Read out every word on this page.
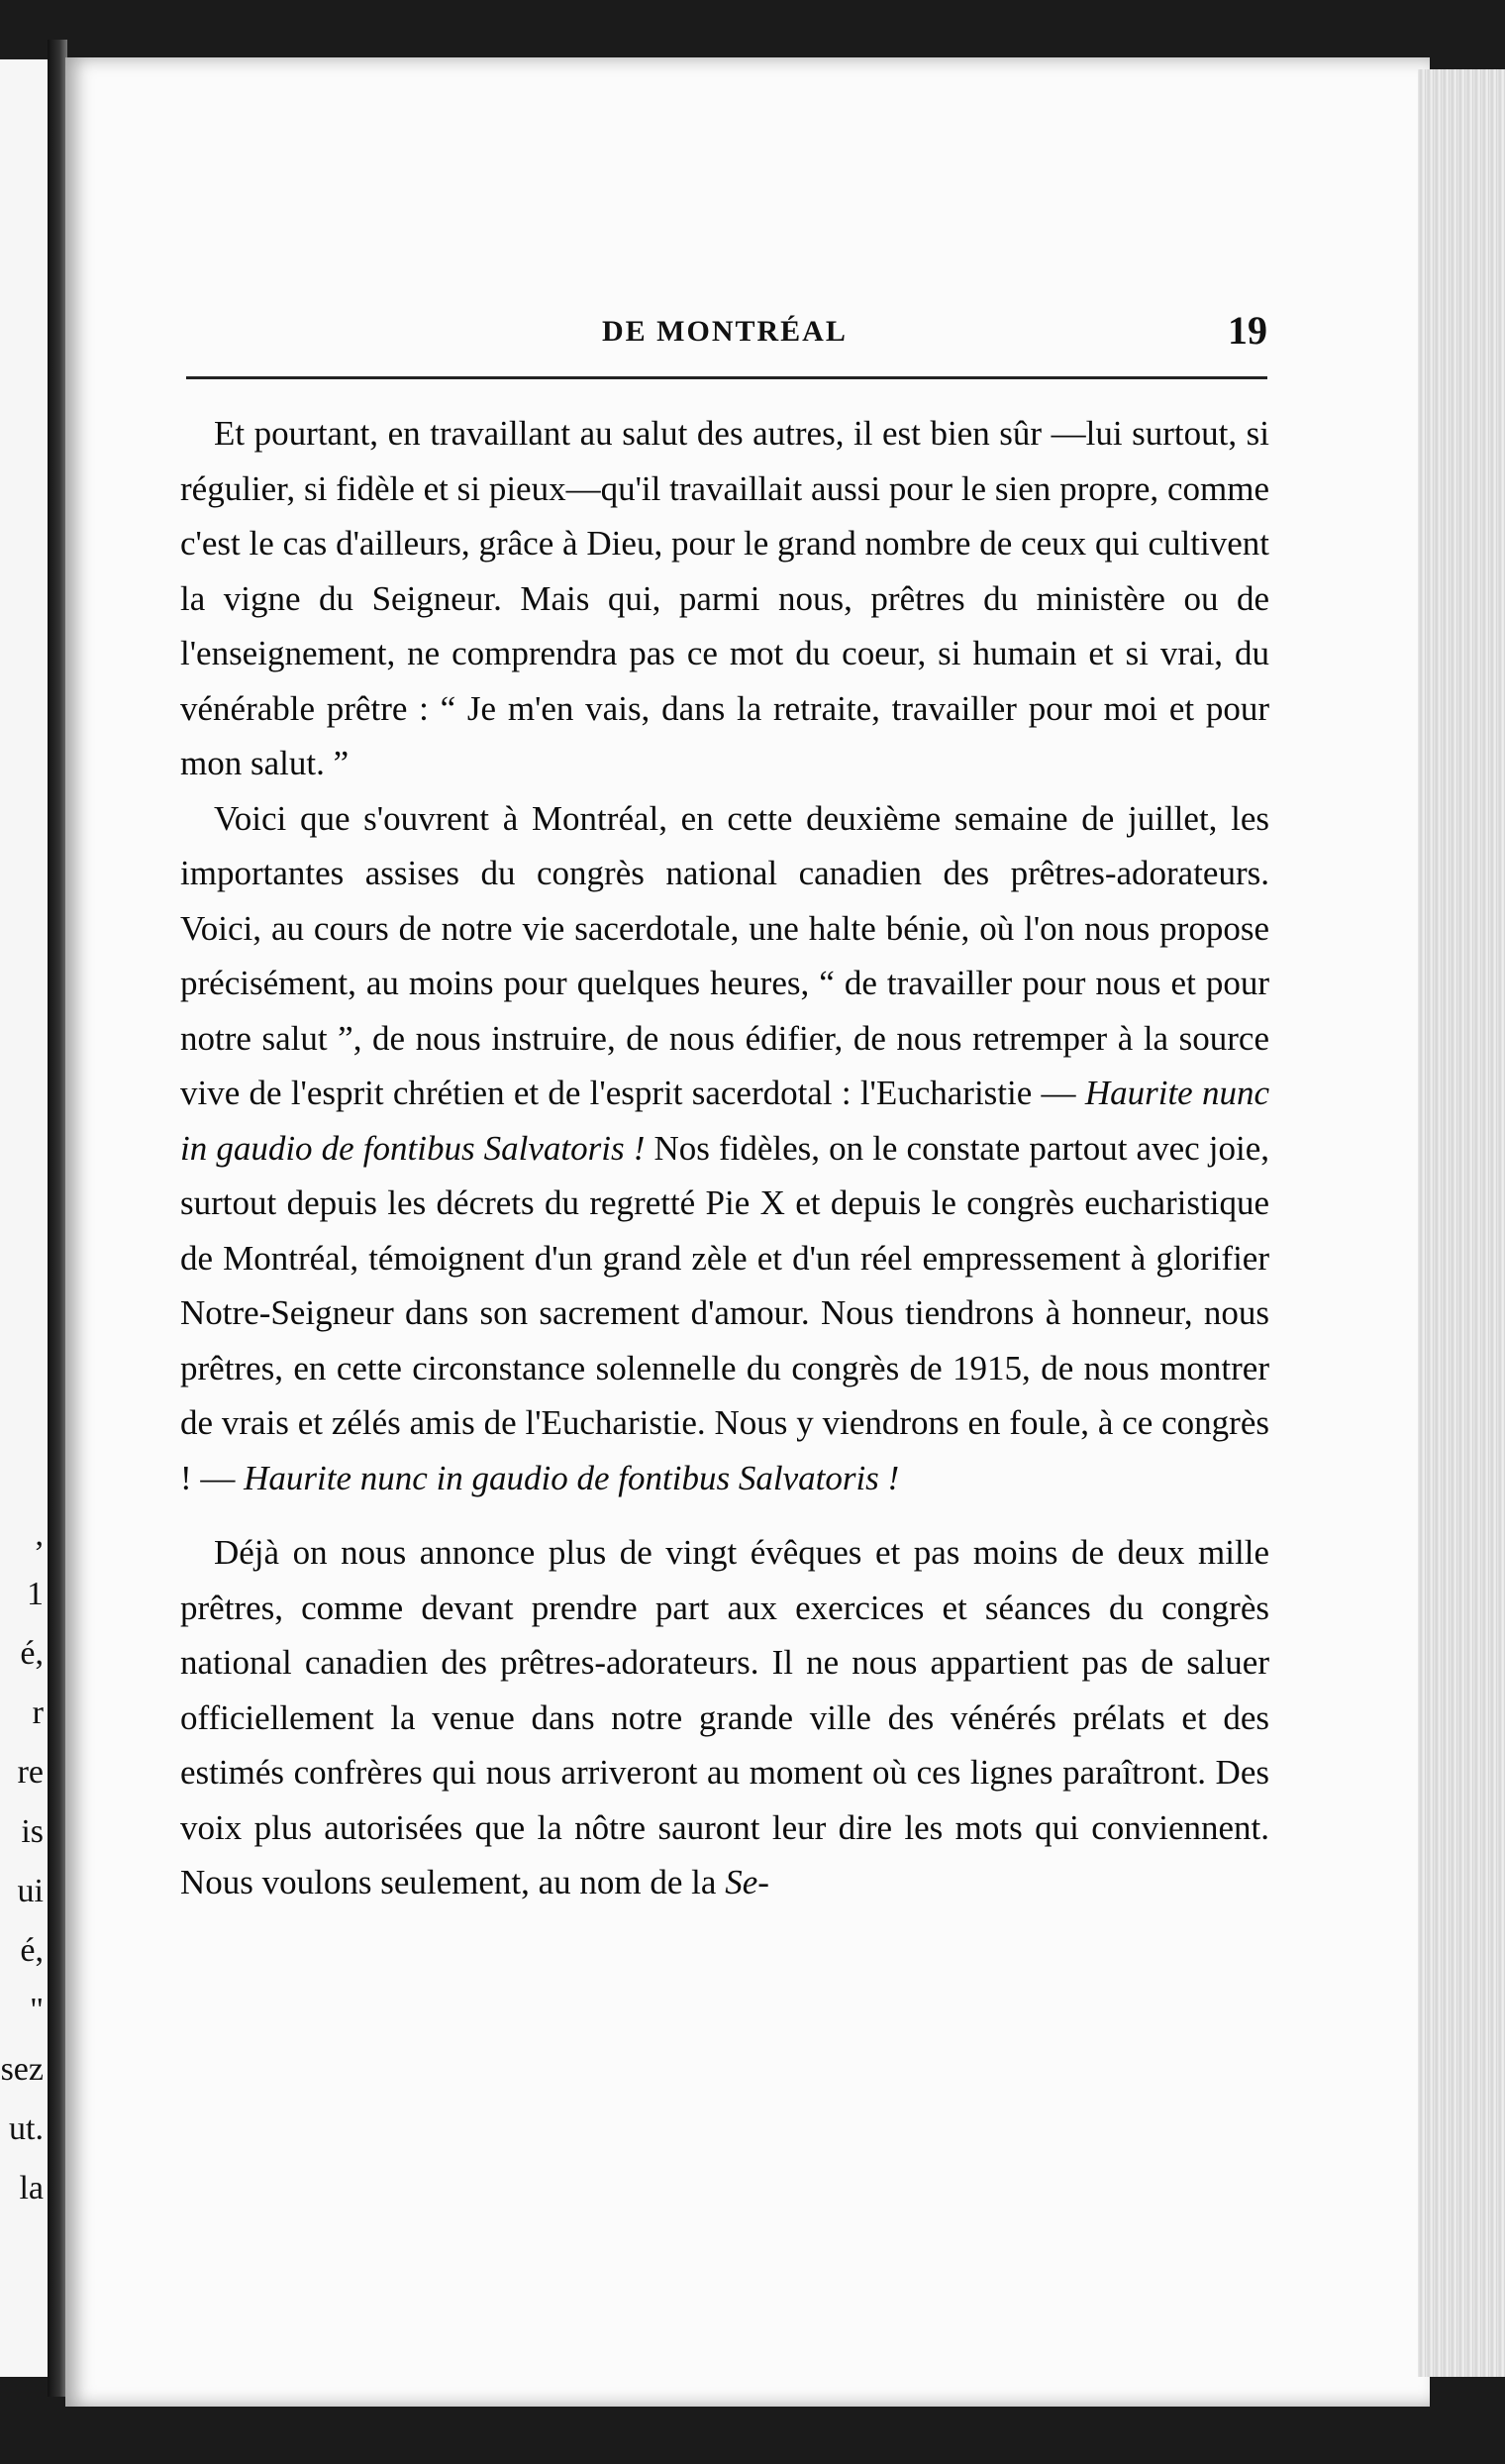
,
1
é,
r
re
is
ui
é,
"
sez
ut.
la
DE MONTRÉAL	19

Et pourtant, en travaillant au salut des autres, il est bien sûr —lui surtout, si régulier, si fidèle et si pieux—qu'il travaillait aussi pour le sien propre, comme c'est le cas d'ailleurs, grâce à Dieu, pour le grand nombre de ceux qui cultivent la vigne du Seigneur. Mais qui, parmi nous, prêtres du ministère ou de l'enseignement, ne comprendra pas ce mot du coeur, si humain et si vrai, du vénérable prêtre : “ Je m'en vais, dans la retraite, travailler pour moi et pour mon salut. ”

Voici que s'ouvrent à Montréal, en cette deuxième semaine de juillet, les importantes assises du congrès national canadien des prêtres-adorateurs. Voici, au cours de notre vie sacerdotale, une halte bénie, où l'on nous propose précisément, au moins pour quelques heures, “ de travailler pour nous et pour notre salut ”, de nous instruire, de nous édifier, de nous retremper à la source vive de l'esprit chrétien et de l'esprit sacerdotal : l'Eucharistie — Haurite nunc in gaudio de fontibus Salvatoris ! Nos fidèles, on le constate partout avec joie, surtout depuis les décrets du regretté Pie X et depuis le congrès eucharistique de Montréal, témoignent d'un grand zèle et d'un réel empressement à glorifier Notre-Seigneur dans son sacrement d'amour. Nous tiendrons à honneur, nous prêtres, en cette circonstance solennelle du congrès de 1915, de nous montrer de vrais et zélés amis de l'Eucharistie. Nous y viendrons en foule, à ce congrès ! — Haurite nunc in gaudio de fontibus Salvatoris !

Déjà on nous annonce plus de vingt évêques et pas moins de deux mille prêtres, comme devant prendre part aux exercices et séances du congrès national canadien des prêtres-adorateurs. Il ne nous appartient pas de saluer officiellement la venue dans notre grande ville des vénérés prélats et des estimés confrères qui nous arriveront au moment où ces lignes paraîtront. Des voix plus autorisées que la nôtre sauront leur dire les mots qui conviennent. Nous voulons seulement, au nom de la Se-
